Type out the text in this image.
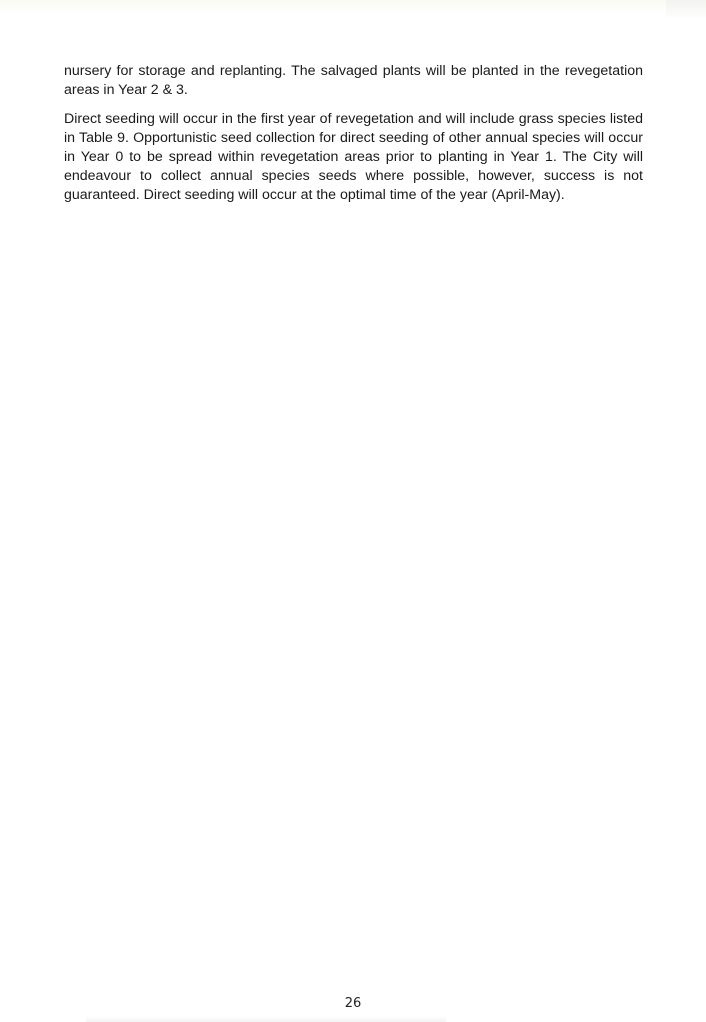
nursery for storage and replanting. The salvaged plants will be planted in the revegetation areas in Year 2 & 3.

Direct seeding will occur in the first year of revegetation and will include grass species listed in Table 9. Opportunistic seed collection for direct seeding of other annual species will occur in Year 0 to be spread within revegetation areas prior to planting in Year 1. The City will endeavour to collect annual species seeds where possible, however, success is not guaranteed. Direct seeding will occur at the optimal time of the year (April-May).

26
